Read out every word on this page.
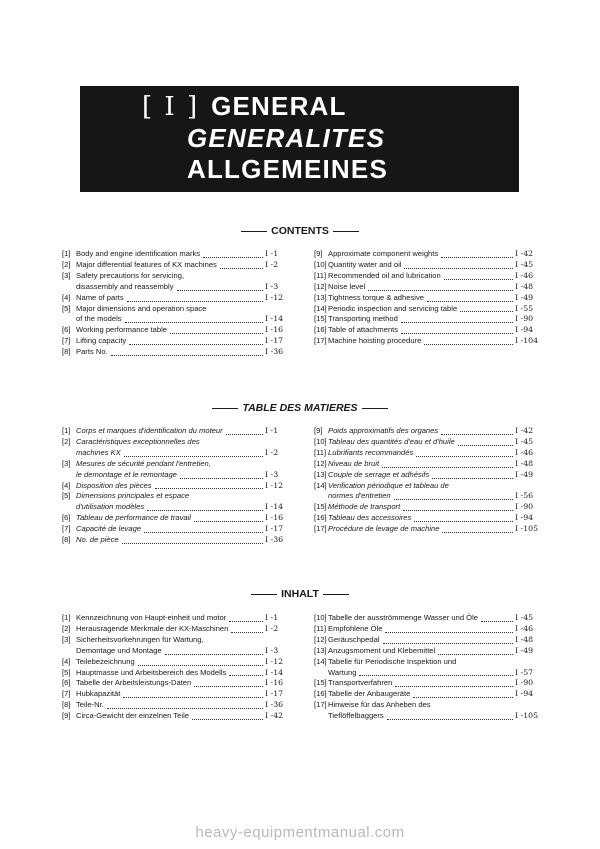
[ I ] GENERAL
GENERALITES
ALLGEMEINES
CONTENTS
[1] Body and engine identification marks	I -1
[2] Major differential features of KX machines	I -2
[3] Safety precautions for servicing,
disassembly and reassembly	I -3
[4] Name of parts	I -12
[5] Major dimensions and operation space
of the models	I -14
[6] Working performance table	I -16
[7] Lifting capacity	I -17
[8] Parts No.	I -36
[9] Approximate component weights	I -42
[10] Quantity water and oil	I -45
[11] Recommended oil and lubrication	I -46
[12] Noise level	I -48
[13] Tightness torque & adhesive	I -49
[14] Periodic inspection and servicing table	I -55
[15] Transporting method	I -90
[16] Table of attachments	I -94
[17] Machine hoisting procedure	I -104
TABLE DES MATIERES
[1] Corps et marques d'identification du moteur	I -1
[2] Caractéristiques exceptionnelles des
machines KX	I -2
[3] Mesures de sécurité pendant l'entretien,
le demontage et le remontage	I -3
[4] Disposition des pièces	I -12
[5] Dimensions principales et espace
d'utilisation modèles	I -14
[6] Tableau de performance de travail	I -16
[7] Capacité de levage	I -17
[8] No. de pièce	I -36
[9] Poids approximatifs des organes	I -42
[10] Tableau des quantités d'eau et d'huile	I -45
[11] Lubrifiants recommandés	I -46
[12] Niveau de bruit	I -48
[13] Couple de serrage et adhésifs	I -49
[14] Verification périodique et tableau de
normes d'entretien	I -56
[15] Méthode de transport	I -90
[16] Tableau des accessoires	I -94
[17] Procédure de levage de machine	I -105
INHALT
[1] Kennzeichnung von Haupt-einheit und motor	I -1
[2] Herausragende Merkmale der KX-Maschinen	I -2
[3] Sicherheitsvorkehrungen für Wartung,
Demontage und Montage	I -3
[4] Teilebezeichnung	I -12
[5] Hauptmasse und Arbeitsbereich des Modells	I -14
[6] Tabelle der Arbeitsleistungs-Daten	I -16
[7] Hubkapazität	I -17
[8] Teile-Nr.	I -36
[9] Circa-Gewicht der einzelnen Teile	I -42
[10] Tabelle der ausströmmenge Wasser und Öle	I -45
[11] Empfohlene Öle	I -46
[12] Geräuschpedal	I -48
[13] Anzugsmoment und Klebemittel	I -49
[14] Tabelle für Periodische Inspektion und
Wartung	I -57
[15] Transportverfahren	I -90
[16] Tabelle der Anbaugeräte	I -94
[17] Hinweise für das Anheben des
Tieflöffelbaggers	I -105
heavy-equipmentmanual.com
